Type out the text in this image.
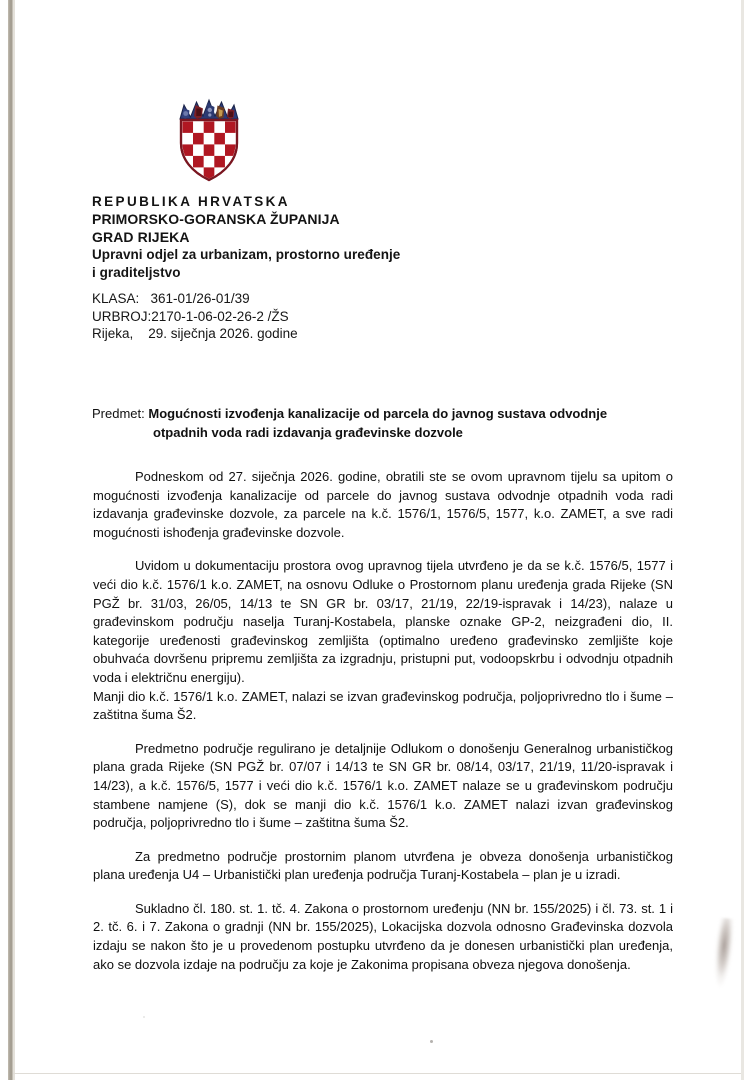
REPUBLIKA HRVATSKA
PRIMORSKO-GORANSKA ŽUPANIJA
GRAD RIJEKA
Upravni odjel za urbanizam, prostorno uređenje
i graditeljstvo
KLASA:   361-01/26-01/39
URBROJ:2170-1-06-02-26-2 /ŽS
Rijeka,    29. siječnja 2026. godine
Predmet: Mogućnosti izvođenja kanalizacije od parcela do javnog sustava odvodnje
otpadnih voda radi izdavanja građevinske dozvole

Podneskom od 27. siječnja 2026. godine, obratili ste se ovom upravnom tijelu sa upitom o mogućnosti izvođenja kanalizacije od parcele do javnog sustava odvodnje otpadnih voda radi izdavanja građevinske dozvole, za parcele na k.č. 1576/1, 1576/5, 1577, k.o. ZAMET, a sve radi mogućnosti ishođenja građevinske dozvole.

Uvidom u dokumentaciju prostora ovog upravnog tijela utvrđeno je da se k.č. 1576/5, 1577 i veći dio k.č. 1576/1 k.o. ZAMET, na osnovu Odluke o Prostornom planu uređenja grada Rijeke (SN PGŽ br. 31/03, 26/05, 14/13 te SN GR br. 03/17, 21/19, 22/19-ispravak i 14/23), nalaze u građevinskom području naselja Turanj-Kostabela, planske oznake GP-2, neizgrađeni dio, II. kategorije uređenosti građevinskog zemljišta (optimalno uređeno građevinsko zemljište koje obuhvaća dovršenu pripremu zemljišta za izgradnju, pristupni put, vodoopskrbu i odvodnju otpadnih voda i električnu energiju).

Manji dio k.č. 1576/1 k.o. ZAMET, nalazi se izvan građevinskog područja, poljoprivredno tlo i šume – zaštitna šuma Š2.

Predmetno područje regulirano je detaljnije Odlukom o donošenju Generalnog urbanističkog plana grada Rijeke (SN PGŽ br. 07/07 i 14/13 te SN GR br. 08/14, 03/17, 21/19, 11/20-ispravak i 14/23), a k.č. 1576/5, 1577 i veći dio k.č. 1576/1 k.o. ZAMET nalaze se u građevinskom području stambene namjene (S), dok se manji dio k.č. 1576/1 k.o. ZAMET nalazi izvan građevinskog područja, poljoprivredno tlo i šume – zaštitna šuma Š2.

Za predmetno područje prostornim planom utvrđena je obveza donošenja urbanističkog plana uređenja U4 – Urbanistički plan uređenja područja Turanj-Kostabela – plan je u izradi.

Sukladno čl. 180. st. 1. tč. 4. Zakona o prostornom uređenju (NN br. 155/2025) i čl. 73. st. 1 i 2. tč. 6. i 7. Zakona o gradnji (NN br. 155/2025), Lokacijska dozvola odnosno Građevinska dozvola izdaju se nakon što je u provedenom postupku utvrđeno da je donesen urbanistički plan uređenja, ako se dozvola izdaje na području za koje je Zakonima propisana obveza njegova donošenja.
